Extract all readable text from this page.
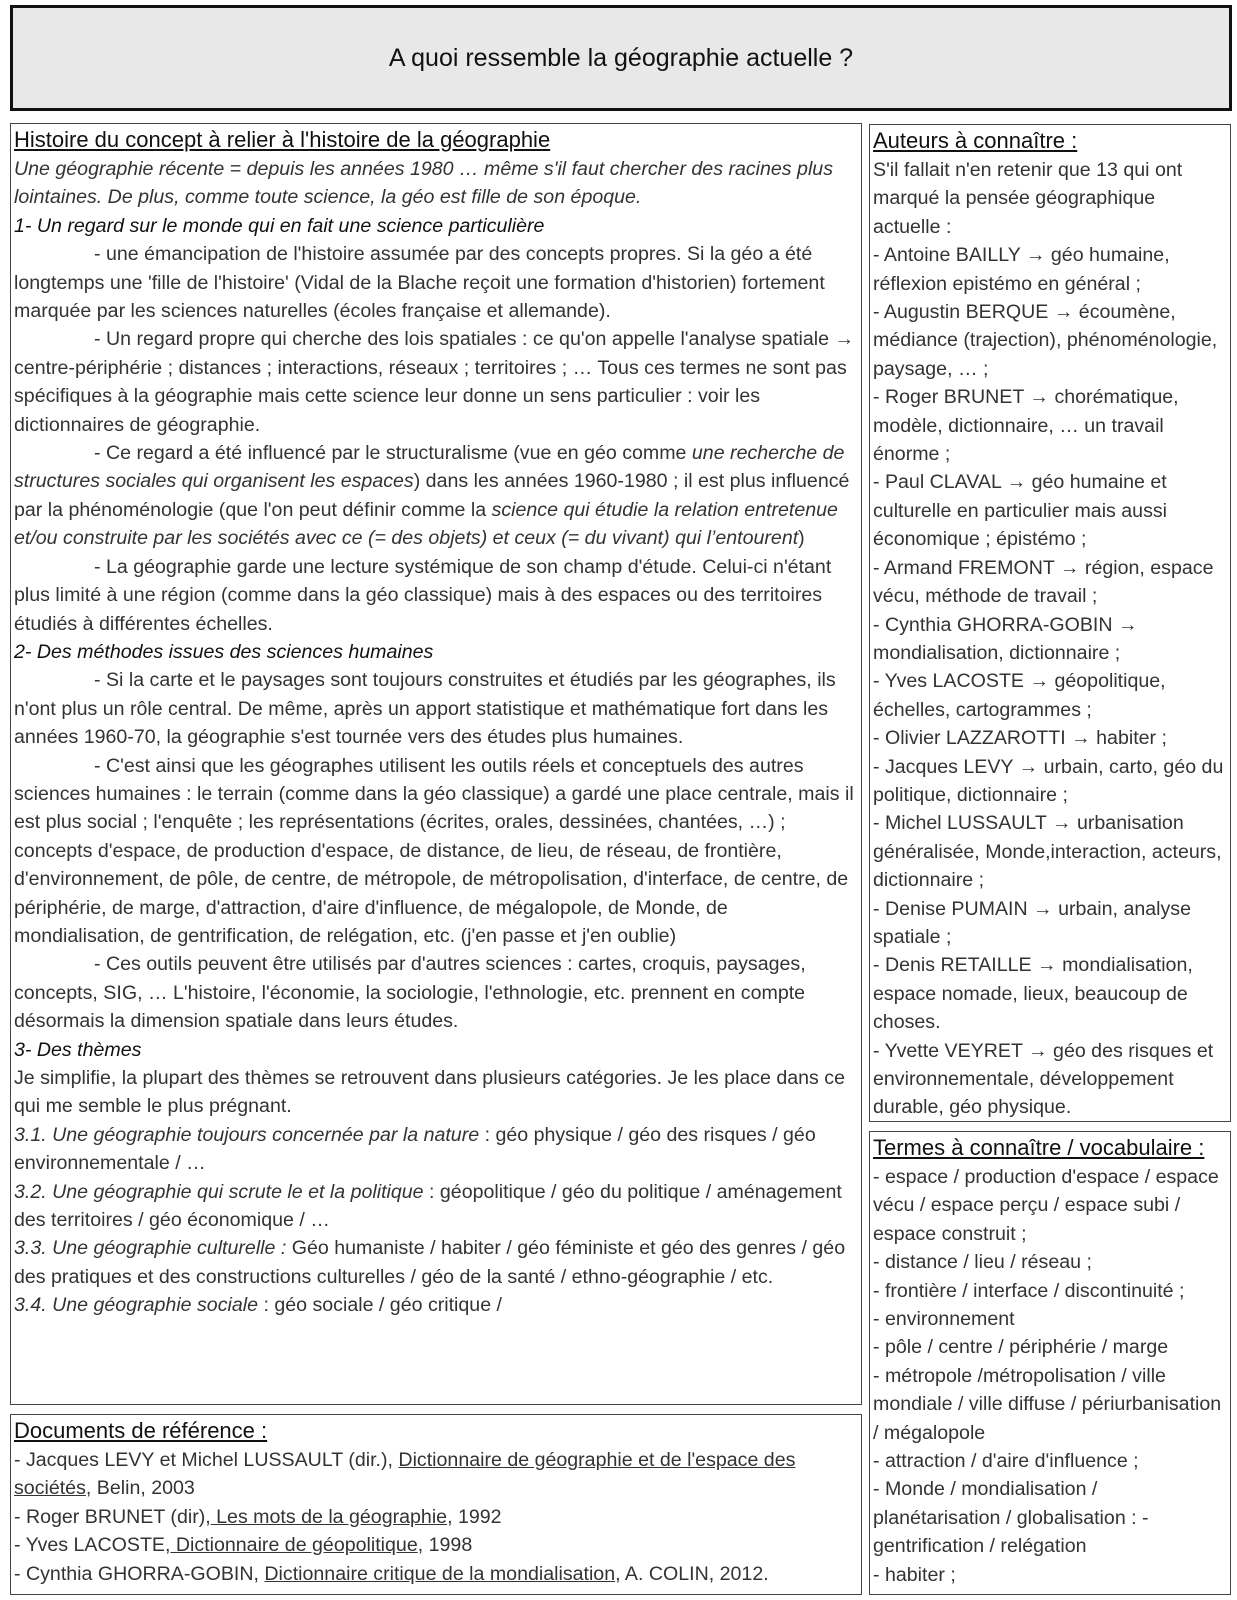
A quoi ressemble la géographie actuelle ?

Histoire du concept à relier à l'histoire de la géographie

Une géographie récente = depuis les années 1980 … même s'il faut chercher des racines plus lointaines. De plus, comme toute science, la géo est fille de son époque.

1- Un regard sur le monde qui en fait une science particulière

- une émancipation de l'histoire assumée par des concepts propres. Si la géo a été longtemps une 'fille de l'histoire' (Vidal de la Blache reçoit une formation d'historien) fortement marquée par les sciences naturelles (écoles française et allemande).

- Un regard propre qui cherche des lois spatiales : ce qu'on appelle l'analyse spatiale → centre-périphérie ; distances ; interactions, réseaux ; territoires ; … Tous ces termes ne sont pas spécifiques à la géographie mais cette science leur donne un sens particulier : voir les dictionnaires de géographie.

- Ce regard a été influencé par le structuralisme (vue en géo comme une recherche de structures sociales qui organisent les espaces) dans les années 1960-1980 ; il est plus influencé par la phénoménologie (que l'on peut définir comme la science qui étudie la relation entretenue et/ou construite par les sociétés avec ce (= des objets) et ceux (= du vivant) qui l’entourent)

- La géographie garde une lecture systémique de son champ d'étude. Celui-ci n'étant plus limité à une région (comme dans la géo classique) mais à des espaces ou des territoires étudiés à différentes échelles.

2- Des méthodes issues des sciences humaines

- Si la carte et le paysages sont toujours construites et étudiés par les géographes, ils n'ont plus un rôle central. De même, après un apport statistique et mathématique fort dans les années 1960-70, la géographie s'est tournée vers des études plus humaines.

- C'est ainsi que les géographes utilisent les outils réels et conceptuels des autres sciences humaines : le terrain (comme dans la géo classique) a gardé une place centrale, mais il est plus social ; l'enquête ; les représentations (écrites, orales, dessinées, chantées, …) ; concepts d'espace, de production d'espace, de distance, de lieu, de réseau, de frontière, d'environnement, de pôle, de centre, de métropole, de métropolisation, d'interface, de centre, de périphérie, de marge, d'attraction, d'aire d'influence, de mégalopole, de Monde, de mondialisation, de gentrification, de relégation, etc. (j'en passe et j'en oublie)

- Ces outils peuvent être utilisés par d'autres sciences : cartes, croquis, paysages, concepts, SIG, … L'histoire, l'économie, la sociologie, l'ethnologie, etc. prennent en compte désormais la dimension spatiale dans leurs études.

3- Des thèmes

Je simplifie, la plupart des thèmes se retrouvent dans plusieurs catégories. Je les place dans ce qui me semble le plus prégnant.

3.1. Une géographie toujours concernée par la nature : géo physique / géo des risques / géo environnementale / …

3.2. Une géographie qui scrute le et la politique : géopolitique / géo du politique / aménagement des territoires / géo économique / …

3.3. Une géographie culturelle : Géo humaniste / habiter / géo féministe et géo des genres / géo des pratiques et des constructions culturelles / géo de la santé / ethno-géographie / etc.

3.4. Une géographie sociale : géo sociale / géo critique /

Documents de référence :

- Jacques LEVY et Michel LUSSAULT (dir.), Dictionnaire de géographie et de l'espace des sociétés, Belin, 2003

- Roger BRUNET (dir), Les mots de la géographie, 1992

- Yves LACOSTE, Dictionnaire de géopolitique, 1998

- Cynthia GHORRA-GOBIN, Dictionnaire critique de la mondialisation, A. COLIN, 2012.

Auteurs à connaître :

S'il fallait n'en retenir que 13 qui ont marqué la pensée géographique actuelle :

- Antoine BAILLY → géo humaine, réflexion epistémo en général ;

- Augustin BERQUE → écoumène, médiance (trajection), phénoménologie, paysage, … ;

- Roger BRUNET → chorématique, modèle, dictionnaire, … un travail énorme ;

- Paul CLAVAL → géo humaine et culturelle en particulier mais aussi économique ; épistémo ;

- Armand FREMONT → région, espace vécu, méthode de travail ;

- Cynthia GHORRA-GOBIN → mondialisation, dictionnaire ;

- Yves LACOSTE → géopolitique, échelles, cartogrammes ;

- Olivier LAZZAROTTI → habiter ;

- Jacques LEVY → urbain, carto, géo du politique, dictionnaire ;

- Michel LUSSAULT → urbanisation généralisée, Monde,interaction, acteurs, dictionnaire ;

- Denise PUMAIN → urbain, analyse spatiale ;

- Denis RETAILLE → mondialisation, espace nomade, lieux, beaucoup de choses.

- Yvette VEYRET → géo des risques et environnementale, développement durable, géo physique.

Termes à connaître / vocabulaire :

- espace / production d'espace / espace vécu / espace perçu / espace subi / espace construit ;

- distance / lieu / réseau ;

- frontière / interface / discontinuité ;

- environnement

- pôle / centre / périphérie / marge

- métropole /métropolisation / ville mondiale / ville diffuse / périurbanisation / mégalopole

- attraction / d'aire d'influence ;

- Monde / mondialisation / planétarisation / globalisation : - gentrification / relégation

- habiter ;
